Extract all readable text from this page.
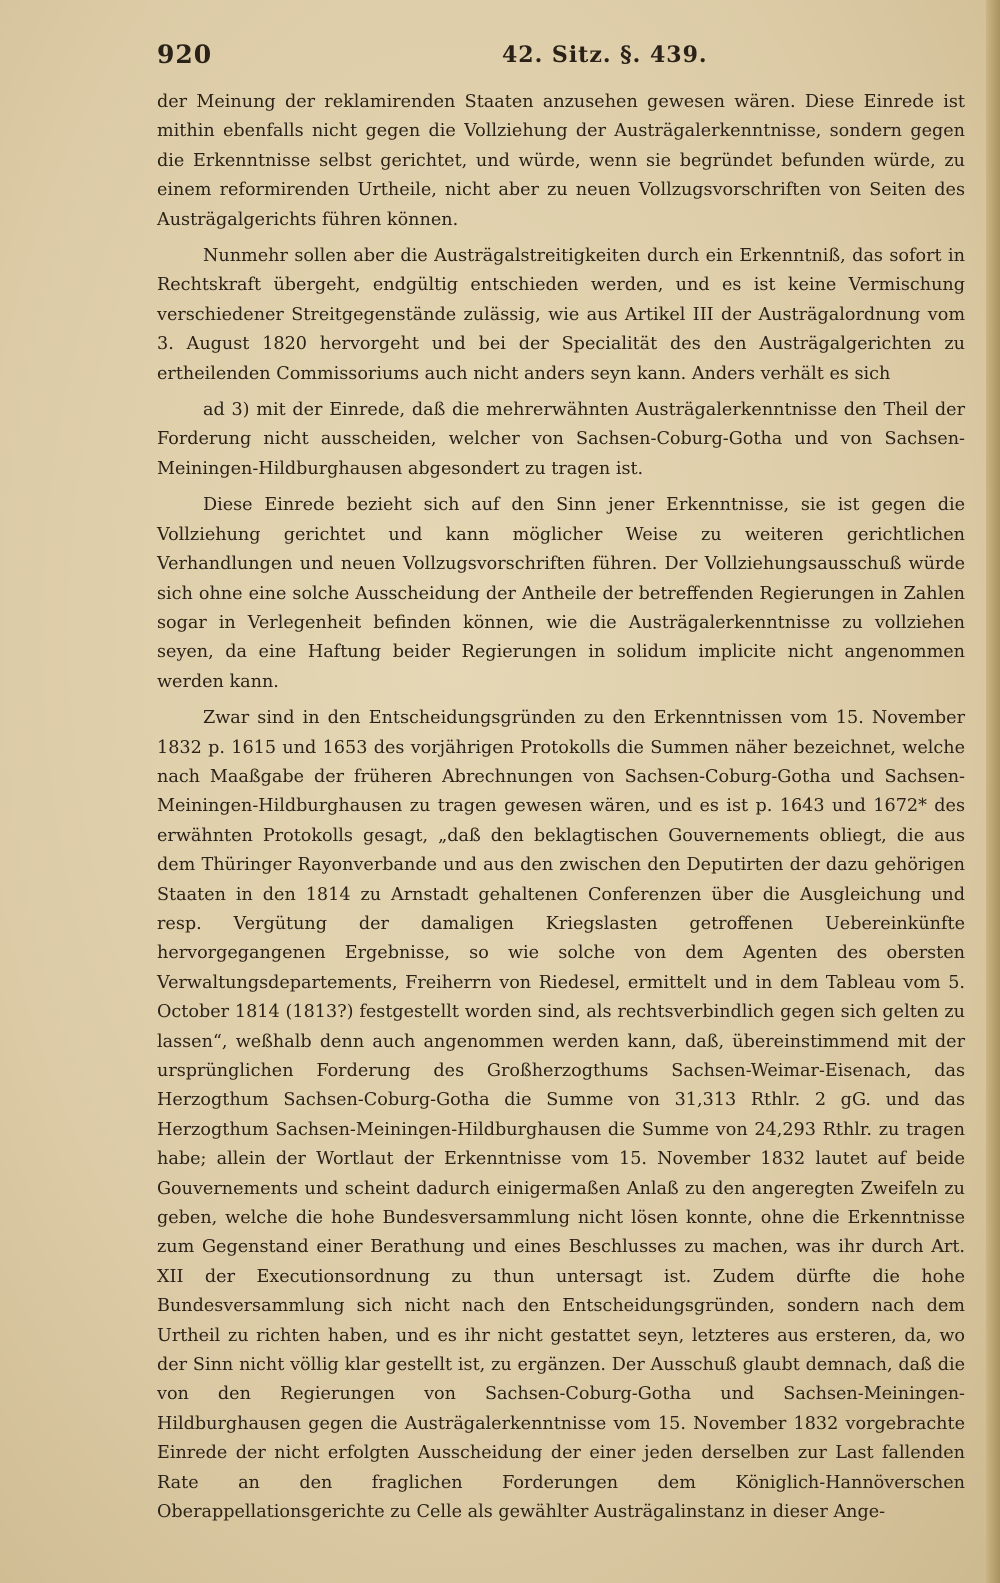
920	42. Sitz. §. 439.

der Meinung der reklamirenden Staaten anzusehen gewesen wären. Diese Einrede ist mithin ebenfalls nicht gegen die Vollziehung der Austrägalerkenntnisse, sondern gegen die Erkenntnisse selbst gerichtet, und würde, wenn sie begründet befunden würde, zu einem reformirenden Urtheile, nicht aber zu neuen Vollzugsvorschriften von Seiten des Austrägalgerichts führen können.

Nunmehr sollen aber die Austrägalstreitigkeiten durch ein Erkenntniß, das sofort in Rechtskraft übergeht, endgültig entschieden werden, und es ist keine Vermischung verschiedener Streitgegenstände zulässig, wie aus Artikel III der Austrägalordnung vom 3. August 1820 hervorgeht und bei der Specialität des den Austrägalgerichten zu ertheilenden Commissoriums auch nicht anders seyn kann. Anders verhält es sich

ad 3) mit der Einrede, daß die mehrerwähnten Austrägalerkenntnisse den Theil der Forderung nicht ausscheiden, welcher von Sachsen-Coburg-Gotha und von Sachsen-Meiningen-Hildburghausen abgesondert zu tragen ist.

Diese Einrede bezieht sich auf den Sinn jener Erkenntnisse, sie ist gegen die Vollziehung gerichtet und kann möglicher Weise zu weiteren gerichtlichen Verhandlungen und neuen Vollzugsvorschriften führen. Der Vollziehungsausschuß würde sich ohne eine solche Ausscheidung der Antheile der betreffenden Regierungen in Zahlen sogar in Verlegenheit befinden können, wie die Austrägalerkenntnisse zu vollziehen seyen, da eine Haftung beider Regierungen in solidum implicite nicht angenommen werden kann.

Zwar sind in den Entscheidungsgründen zu den Erkenntnissen vom 15. November 1832 p. 1615 und 1653 des vorjährigen Protokolls die Summen näher bezeichnet, welche nach Maaßgabe der früheren Abrechnungen von Sachsen-Coburg-Gotha und Sachsen-Meiningen-Hildburghausen zu tragen gewesen wären, und es ist p. 1643 und 1672* des erwähnten Protokolls gesagt, „daß den beklagtischen Gouvernements obliegt, die aus dem Thüringer Rayonverbande und aus den zwischen den Deputirten der dazu gehörigen Staaten in den 1814 zu Arnstadt gehaltenen Conferenzen über die Ausgleichung und resp. Vergütung der damaligen Kriegslasten getroffenen Uebereinkünfte hervorgegangenen Ergebnisse, so wie solche von dem Agenten des obersten Verwaltungsdepartements, Freiherrn von Riedesel, ermittelt und in dem Tableau vom 5. October 1814 (1813?) festgestellt worden sind, als rechtsverbindlich gegen sich gelten zu lassen“, weßhalb denn auch angenommen werden kann, daß, übereinstimmend mit der ursprünglichen Forderung des Großherzogthums Sachsen-Weimar-Eisenach, das Herzogthum Sachsen-Coburg-Gotha die Summe von 31,313 Rthlr. 2 gG. und das Herzogthum Sachsen-Meiningen-Hildburghausen die Summe von 24,293 Rthlr. zu tragen habe; allein der Wortlaut der Erkenntnisse vom 15. November 1832 lautet auf beide Gouvernements und scheint dadurch einigermaßen Anlaß zu den angeregten Zweifeln zu geben, welche die hohe Bundesversammlung nicht lösen konnte, ohne die Erkenntnisse zum Gegenstand einer Berathung und eines Beschlusses zu machen, was ihr durch Art. XII der Executionsordnung zu thun untersagt ist. Zudem dürfte die hohe Bundesversammlung sich nicht nach den Entscheidungsgründen, sondern nach dem Urtheil zu richten haben, und es ihr nicht gestattet seyn, letzteres aus ersteren, da, wo der Sinn nicht völlig klar gestellt ist, zu ergänzen. Der Ausschuß glaubt demnach, daß die von den Regierungen von Sachsen-Coburg-Gotha und Sachsen-Meiningen-Hildburghausen gegen die Austrägalerkenntnisse vom 15. November 1832 vorgebrachte Einrede der nicht erfolgten Ausscheidung der einer jeden derselben zur Last fallenden Rate an den fraglichen Forderungen dem Königlich-Hannöverschen Oberappellationsgerichte zu Celle als gewählter Austrägalinstanz in dieser Ange-
